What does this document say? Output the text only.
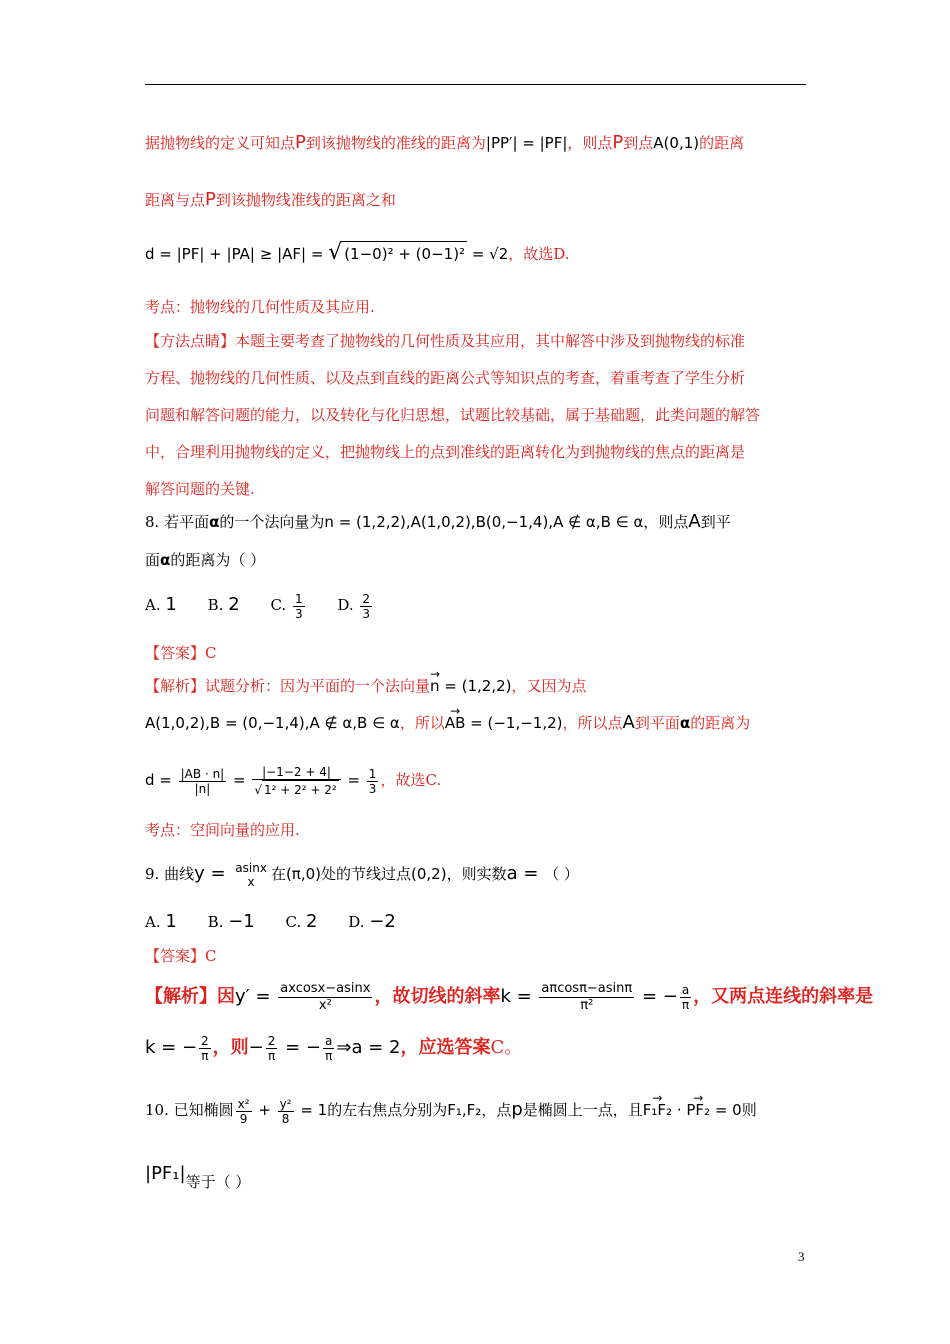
据抛物线的定义可知点P到该抛物线的准线的距离为|PP′| = |PF|，则点P到点A(0,1)的距离
距离与点P到该抛物线准线的距离之和
d = |PF| + |PA| ≥ |AF| = √ (1−0)² + (0−1)² = √2，故选D.
考点：抛物线的几何性质及其应用.
【方法点睛】本题主要考查了抛物线的几何性质及其应用，其中解答中涉及到抛物线的标准
方程、抛物线的几何性质、以及点到直线的距离公式等知识点的考查，着重考查了学生分析
问题和解答问题的能力，以及转化与化归思想，试题比较基础，属于基础题，此类问题的解答
中，合理利用抛物线的定义，把抛物线上的点到准线的距离转化为到抛物线的焦点的距离是
解答问题的关键.
8. 若平面α的一个法向量为n = (1,2,2),A(1,0,2),B(0,−1,4),A ∉ α,B ∈ α，则点A到平
面α的距离为（ ）
A. 1 B. 2 C. $\frac{1}{3} D$. $\frac{2}{3}$
【答案】C
【解析】试题分析：因为平面的一个法向量→ n = (1,2,2)，又因为点
A(1,0,2),B = (0,−1,4),A ∉ α,B ∈ α，所以→ AB = (−1,−1,2)，所以点A到平面α的距离为
$d = \frac{|AB \cdot n|}{|n|} = \frac{|-1-2 + 4|}{\text{√ 1² + 2² + 2²}} = \frac{1}{3}$ ，故选C.
考点：空间向量的应用.
9. 曲线y = asinx
x	在(π,0)处的节线过点(0,2)，则实数a = （ ）
A. 1 B. −1 C. 2 D. −2
【答案】C
【解析】因$y' = \frac{axcosx-asinx}{\text{x²}}$ ，故切线的斜率$k = \frac{a\pi\cos\pi-asin\pi}{\text{π²}}$ = − $\frac{a}{\pi}$ ，又两点连线的斜率是
k = − $\frac{2}{\pi}$ ，则− $\frac{2}{\pi}$ = − $\frac{a}{\pi}$ ⇒a = 2，应选答案C。
10. 已知椭圆 $\frac{\text{x²}}{9} + \frac{\text{y²}}{8} = 1$的左右焦点分别为F₁,F₂，点p是椭圆上一点，且→ F₁F₂ · → PF₂ = 0则
|PF₁|等于（ ）
3
